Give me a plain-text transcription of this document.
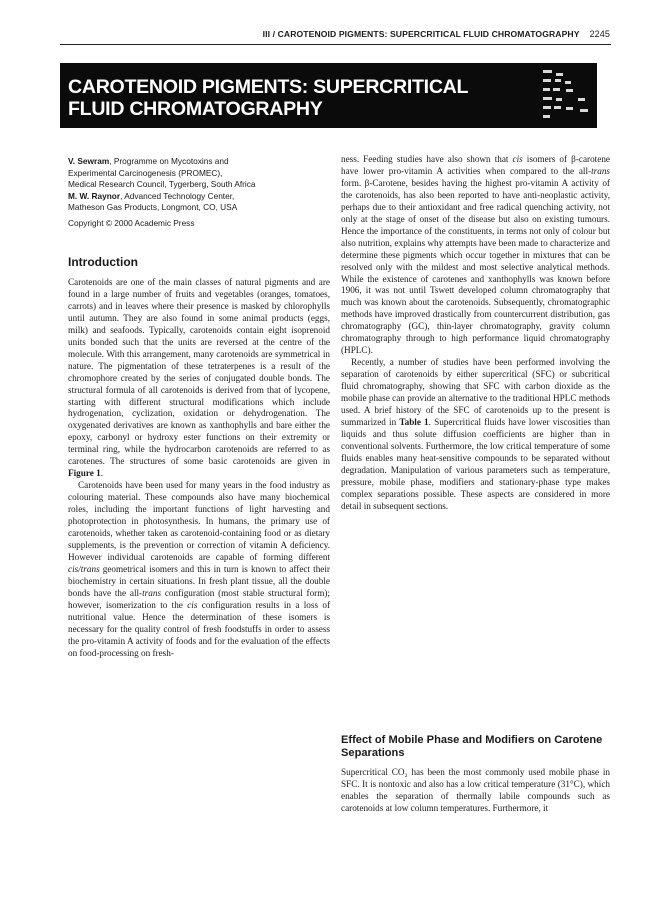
III / CAROTENOID PIGMENTS: SUPERCRITICAL FLUID CHROMATOGRAPHY 2245
CAROTENOID PIGMENTS: SUPERCRITICAL
FLUID CHROMATOGRAPHY

V. Sewram, Programme on Mycotoxins and

Experimental Carcinogenesis (PROMEC),

Medical Research Council, Tygerberg, South Africa

M. W. Raynor, Advanced Technology Center,

Matheson Gas Products, Longmont, CO, USA

Copyright © 2000 Academic Press

Introduction

Carotenoids are one of the main classes of natural pigments and are found in a large number of fruits and vegetables (oranges, tomatoes, carrots) and in leaves where their presence is masked by chlorophylls until autumn. They are also found in some animal products (eggs, milk) and seafoods. Typically, carotenoids contain eight isoprenoid units bonded such that the units are reversed at the centre of the molecule. With this arrangement, many carotenoids are symmetrical in nature. The pigmentation of these tetraterpenes is a result of the chromophore created by the series of conjugated double bonds. The structural formula of all carotenoids is derived from that of lycopene, starting with different structural modifications which include hydrogenation, cyclization, oxidation or dehydrogenation. The oxygenated derivatives are known as xanthophylls and bare either the epoxy, carbonyl or hydroxy ester functions on their extremity or terminal ring, while the hydrocarbon carotenoids are referred to as carotenes. The structures of some basic carotenoids are given in Figure 1.

Carotenoids have been used for many years in the food industry as colouring material. These compounds also have many biochemical roles, including the important functions of light harvesting and photoprotection in photosynthesis. In humans, the primary use of carotenoids, whether taken as carotenoid-containing food or as dietary supplements, is the prevention or correction of vitamin A deficiency. However individual carotenoids are capable of forming different cis/trans geometrical isomers and this in turn is known to affect their biochemistry in certain situations. In fresh plant tissue, all the double bonds have the all-trans configuration (most stable structural form); however, isomerization to the cis configuration results in a loss of nutritional value. Hence the determination of these isomers is necessary for the quality control of fresh foodstuffs in order to assess the pro-vitamin A activity of foods and for the evaluation of the effects on food-processing on fresh-

ness. Feeding studies have also shown that cis isomers of β-carotene have lower pro-vitamin A activities when compared to the all-trans form. β-Carotene, besides having the highest pro-vitamin A activity of the carotenoids, has also been reported to have anti-neoplastic activity, perhaps due to their antioxidant and free radical quenching activity, not only at the stage of onset of the disease but also on existing tumours. Hence the importance of the constituents, in terms not only of colour but also nutrition, explains why attempts have been made to characterize and determine these pigments which occur together in mixtures that can be resolved only with the mildest and most selective analytical methods. While the existence of carotenes and xanthophylls was known before 1906, it was not until Tswett developed column chromatography that much was known about the carotenoids. Subsequently, chromatographic methods have improved drastically from countercurrent distribution, gas chromatography (GC), thin-layer chromatography, gravity column chromatography through to high performance liquid chromatography (HPLC).

Recently, a number of studies have been performed involving the separation of carotenoids by either supercritical (SFC) or subcritical fluid chromatography, showing that SFC with carbon dioxide as the mobile phase can provide an alternative to the traditional HPLC methods used. A brief history of the SFC of carotenoids up to the present is summarized in Table 1. Supercritical fluids have lower viscosities than liquids and thus solute diffusion coefficients are higher than in conventional solvents. Furthermore, the low critical temperature of some fluids enables many heat-sensitive compounds to be separated without degradation. Manipulation of various parameters such as temperature, pressure, mobile phase, modifiers and stationary-phase type makes complex separations possible. These aspects are considered in more detail in subsequent sections.

Effect of Mobile Phase and Modifiers on Carotene Separations

Supercritical CO₂ has been the most commonly used mobile phase in SFC. It is nontoxic and also has a low critical temperature (31°C), which enables the separation of thermally labile compounds such as carotenoids at low column temperatures. Furthermore, it
